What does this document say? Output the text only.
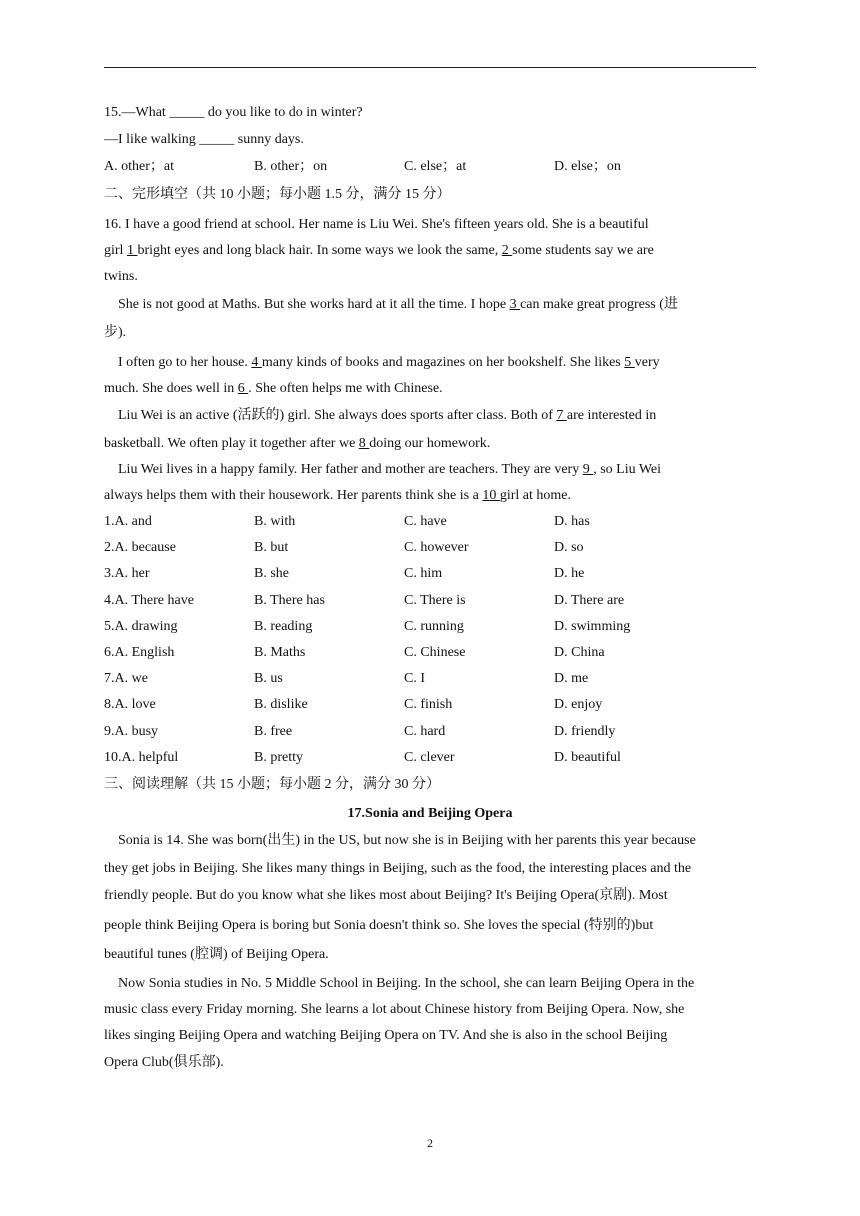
15.—What _____ do you like to do in winter?
—I like walking _____ sunny days.
A. other；at	B. other；on	C. else；at	D. else；on
二、完形填空（共 10 小题；每小题 1.5 分，满分 15 分）
16. I have a good friend at school. Her name is Liu Wei. She's fifteen years old. She is a beautiful
girl 1 bright eyes and long black hair. In some ways we look the same, 2 some students say we are
twins.
She is not good at Maths. But she works hard at it all the time. I hope 3 can make great progress (进
步).
I often go to her house. 4 many kinds of books and magazines on her bookshelf. She likes 5 very
much. She does well in 6 . She often helps me with Chinese.
Liu Wei is an active (活跃的) girl. She always does sports after class. Both of 7 are interested in
basketball. We often play it together after we 8 doing our homework.
Liu Wei lives in a happy family. Her father and mother are teachers. They are very 9 , so Liu Wei
always helps them with their housework. Her parents think she is a 10 girl at home.
1.A. and	B. with	C. have	D. has
2.A. because	B. but	C. however	D. so
3.A. her	B. she	C. him	D. he
4.A. There have	B. There has	C. There is	D. There are
5.A. drawing	B. reading	C. running	D. swimming
6.A. English	B. Maths	C. Chinese	D. China
7.A. we	B. us	C. I	D. me
8.A. love	B. dislike	C. finish	D. enjoy
9.A. busy	B. free	C. hard	D. friendly
10.A. helpful	B. pretty	C. clever	D. beautiful
三、阅读理解（共 15 小题；每小题 2 分，满分 30 分）
17.Sonia and Beijing Opera
Sonia is 14. She was born(出生) in the US, but now she is in Beijing with her parents this year because
they get jobs in Beijing. She likes many things in Beijing, such as the food, the interesting places and the
friendly people. But do you know what she likes most about Beijing? It's Beijing Opera(京剧). Most
people think Beijing Opera is boring but Sonia doesn't think so. She loves the special (特别的)but
beautiful tunes (腔调) of Beijing Opera.
Now Sonia studies in No. 5 Middle School in Beijing. In the school, she can learn Beijing Opera in the
music class every Friday morning. She learns a lot about Chinese history from Beijing Opera. Now, she
likes singing Beijing Opera and watching Beijing Opera on TV. And she is also in the school Beijing
Opera Club(俱乐部).
2
